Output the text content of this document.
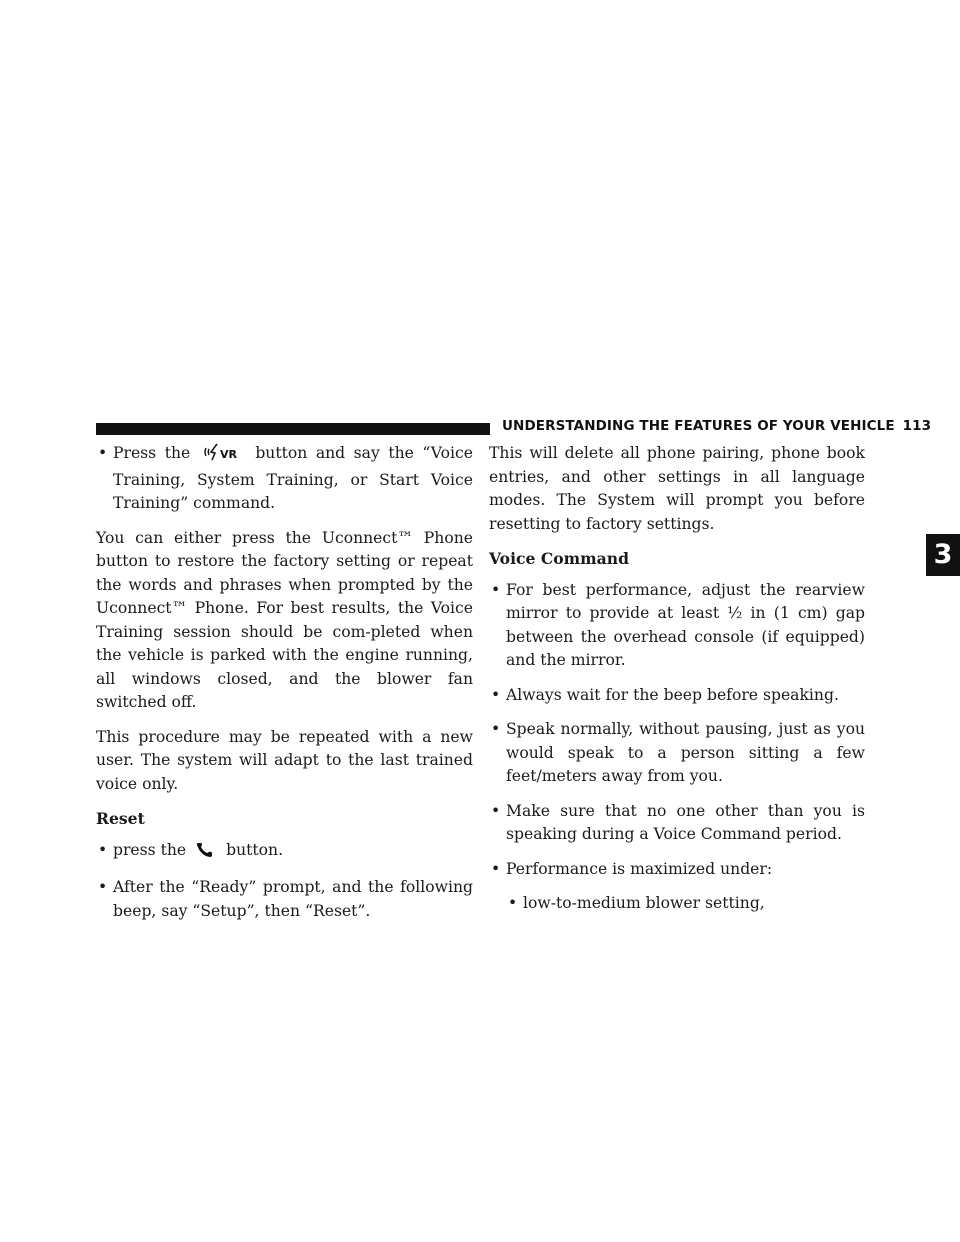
UNDERSTANDING THE FEATURES OF YOUR VEHICLE 113
3
• Press the	VR button and say the “Voice Training, System Training, or Start Voice Training” command.

You can either press the Uconnect™ Phone button to restore the factory setting or repeat the words and phrases when prompted by the Uconnect™ Phone. For best results, the Voice Training session should be com-pleted when the vehicle is parked with the engine running, all windows closed, and the blower fan switched off.

This procedure may be repeated with a new user. The system will adapt to the last trained voice only.

Reset
• press the	button.
• After the “Ready” prompt, and the following beep, say “Setup”, then “Reset”.

This will delete all phone pairing, phone book entries, and other settings in all language modes. The System will prompt you before resetting to factory settings.

Voice Command
• For best performance, adjust the rearview mirror to provide at least ½ in (1 cm) gap between the overhead console (if equipped) and the mirror.
• Always wait for the beep before speaking.
• Speak normally, without pausing, just as you would speak to a person sitting a few feet/meters away from you.
• Make sure that no one other than you is speaking during a Voice Command period.
• Performance is maximized under:
• low-to-medium blower setting,
